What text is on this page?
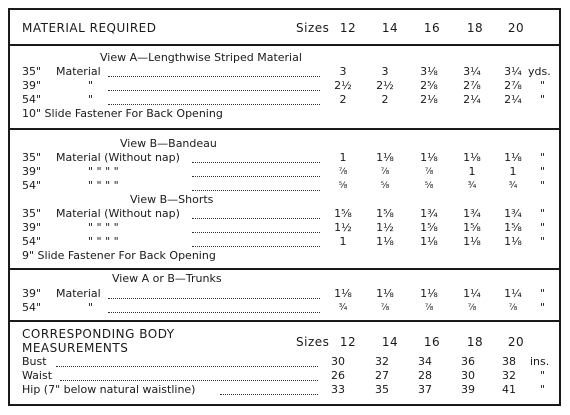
MATERIAL REQUIRED	Sizes 12	14	16	18	20
View A—Lengthwise Striped Material
35" Material	3	3	3⅛	3¼	3¼ yds.
39"	"	2½	2½	2⅝	2⅞	2⅞	"
54"	"	2	2	2⅛	2¼	2¼	"
10" Slide Fastener For Back Opening
View B—Bandeau
35" Material (Without nap)	1	1⅛	1⅛	1⅛	1⅛	"
39"	" " " "	⅞	⅞	⅞	1	1	"
54"	" " " "	⅝	⅝	⅝	¾	¾	"
View B—Shorts
35" Material (Without nap)	1⅝	1⅝	1¾	1¾	1¾	"
39"	" " " "	1½	1½	1⅝	1⅝	1⅝	"
54"	" " " "	1	1⅛	1⅛	1⅛	1⅛	"
9" Slide Fastener For Back Opening
View A or B—Trunks
39" Material	1⅛	1⅛	1⅛	1¼	1¼	"
54"	"	¾	⅞	⅞	⅞	⅞	"
CORRESPONDING BODY
MEASUREMENTS	Sizes 12	14	16	18	20
Bust	30	32	34	36	38	ins.
Waist	26	27	28	30	32	"
Hip (7" below natural waistline)	33	35	37	39	41	"
